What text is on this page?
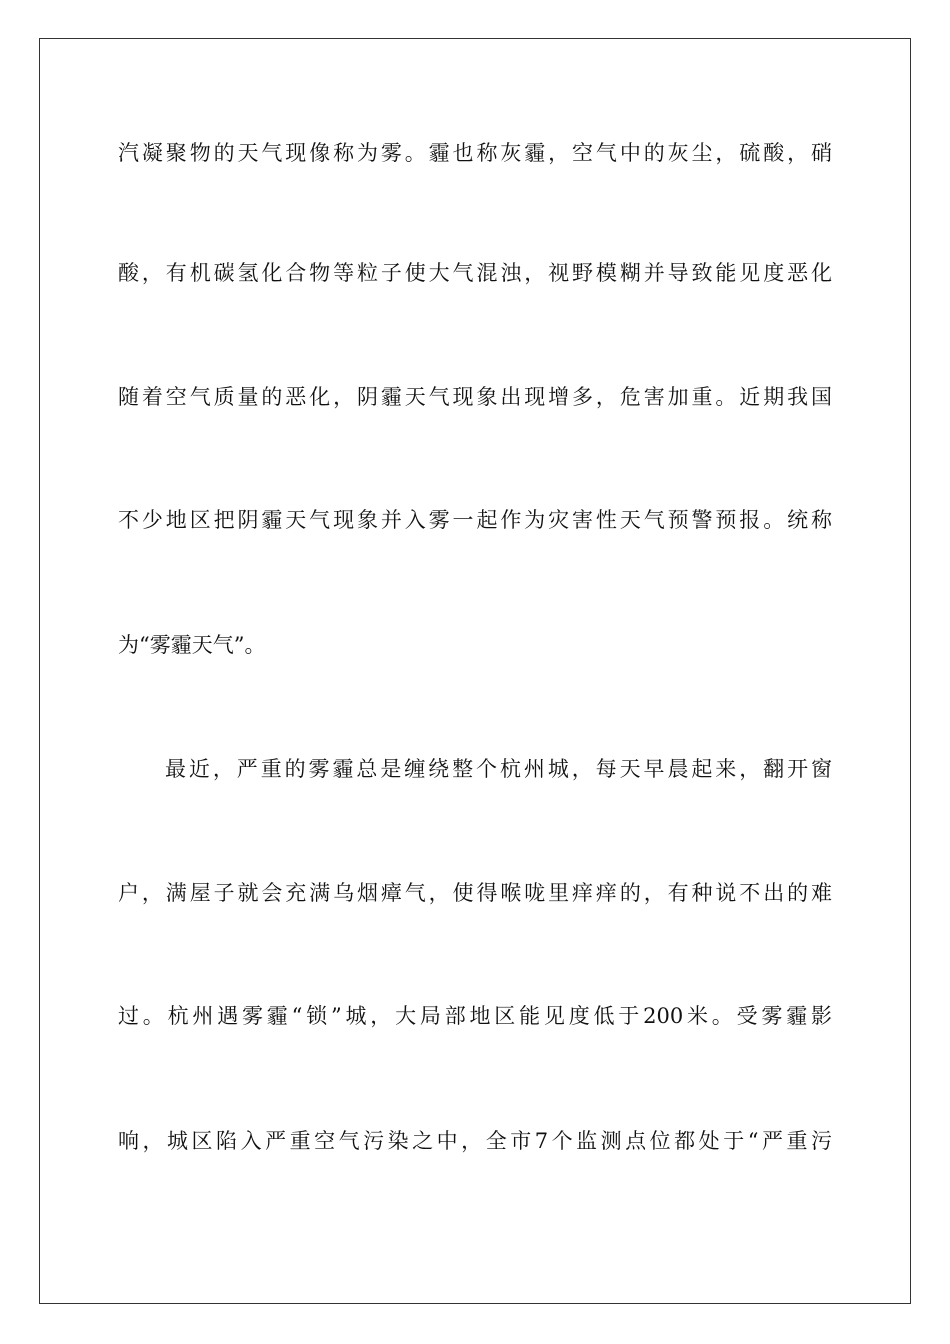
汽凝聚物的天气现像称为雾。霾也称灰霾，空气中的灰尘，硫酸，硝
酸，有机碳氢化合物等粒子使大气混浊，视野模糊并导致能见度恶化
随着空气质量的恶化，阴霾天气现象出现增多，危害加重。近期我国
不少地区把阴霾天气现象并入雾一起作为灾害性天气预警预报。统称
为“雾霾天气”。
最近，严重的雾霾总是缠绕整个杭州城，每天早晨起来，翻开窗
户，满屋子就会充满乌烟瘴气，使得喉咙里痒痒的，有种说不出的难
过。杭州遇雾霾“锁”城，大局部地区能见度低于200米。受雾霾影
响，城区陷入严重空气污染之中，全市7个监测点位都处于“严重污
